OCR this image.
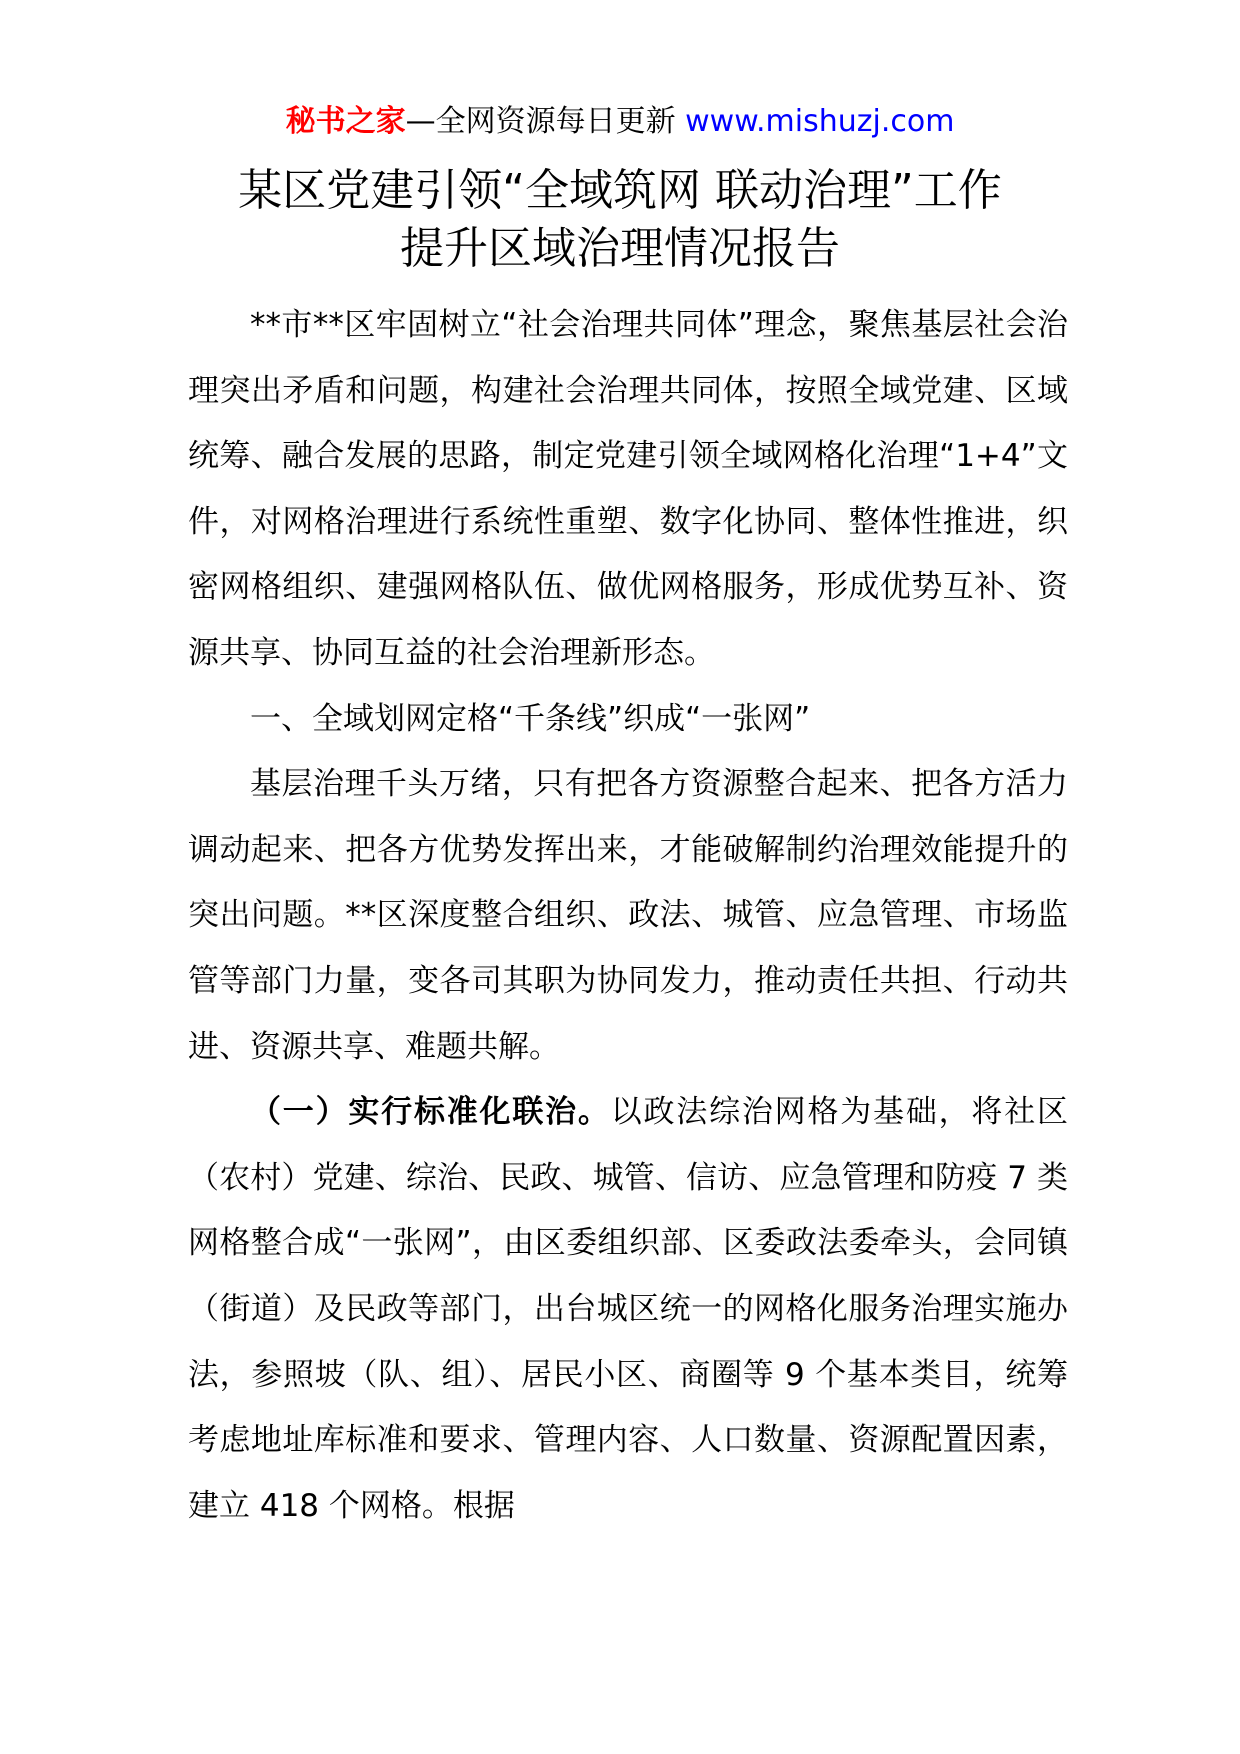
秘书之家—全网资源每日更新 www.mishuzj.com
某区党建引领“全域筑网 联动治理”工作
提升区域治理情况报告

**市**区牢固树立“社会治理共同体”理念，聚焦基层社会治理突出矛盾和问题，构建社会治理共同体，按照全域党建、区域统筹、融合发展的思路，制定党建引领全域网格化治理“1+4”文件，对网格治理进行系统性重塑、数字化协同、整体性推进，织密网格组织、建强网格队伍、做优网格服务，形成优势互补、资源共享、协同互益的社会治理新形态。

一、全域划网定格“千条线”织成“一张网”

基层治理千头万绪，只有把各方资源整合起来、把各方活力调动起来、把各方优势发挥出来，才能破解制约治理效能提升的突出问题。**区深度整合组织、政法、城管、应急管理、市场监管等部门力量，变各司其职为协同发力，推动责任共担、行动共进、资源共享、难题共解。

（一）实行标准化联治。以政法综治网格为基础，将社区（农村）党建、综治、民政、城管、信访、应急管理和防疫 7 类网格整合成“一张网”，由区委组织部、区委政法委牵头，会同镇（街道）及民政等部门，出台城区统一的网格化服务治理实施办法，参照坡（队、组）、居民小区、商圈等 9 个基本类目，统筹考虑地址库标准和要求、管理内容、人口数量、资源配置因素，建立 418 个网格。根据
